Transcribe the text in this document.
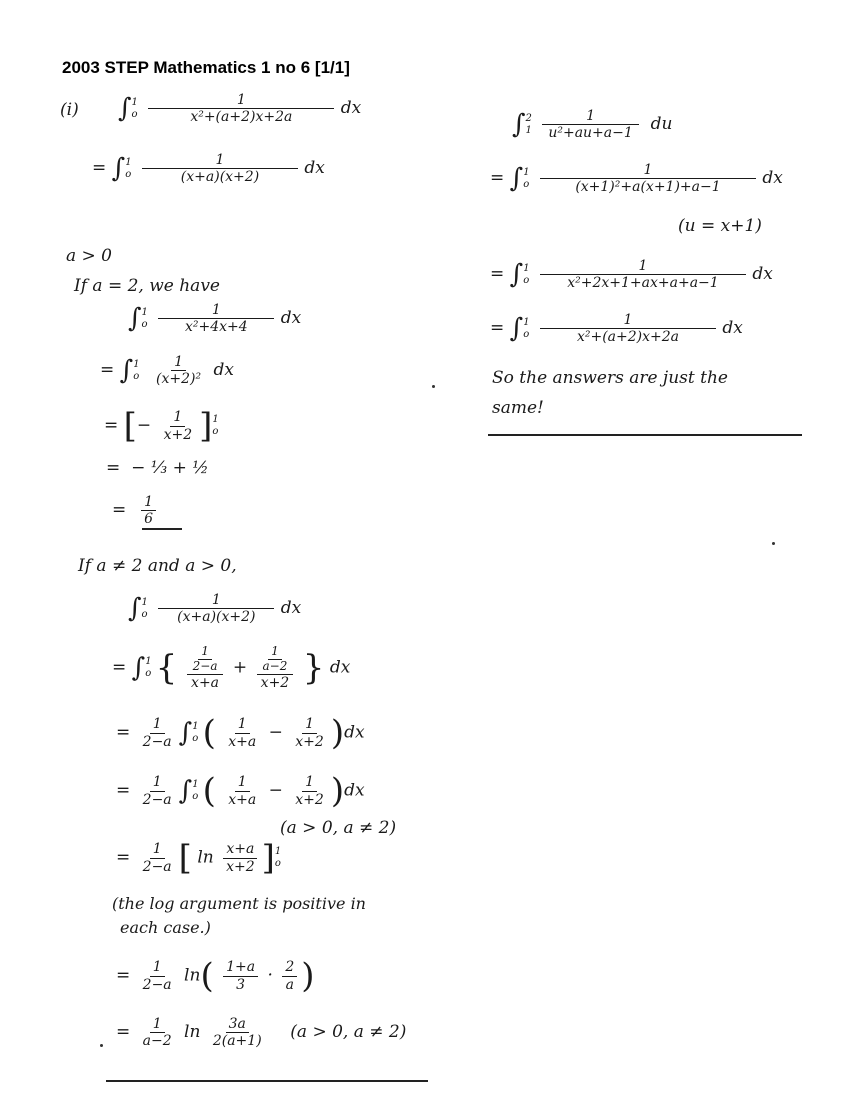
2003 STEP Mathematics 1 no 6 [1/1]
(i) ∫ 1
o
$\frac{1}{\text{x²+(a+2)x+2a}}$ dx
= ∫ 1
o
$\frac{1}{(x+a)(x+2)}$ dx
a > 0
If a = 2, we have
∫ 1
o
$\frac{1}{\text{x²+4x+4}}$ dx
= ∫ 1
o
$\frac{1}{\text{(x+2)²}}$ dx
= [− $\frac{1}{x+2}$ ] 1
o
=  − ⅓ + ½
= $\frac{1}{6}$
If a ≠ 2 and a > 0,
∫ 1
o
$\frac{1}{(x+a)(x+2)}$ dx
= ∫ 1
o { $\frac{\frac{1}{2-a}}{x+a} + \frac{\frac{1}{a-2}}{x+2}$ } dx
= $\frac{1}{2-a}$ ∫ 1
o ( $\frac{1}{x+a} - \frac{1}{x+2} )dx$
= $\frac{1}{2-a}$ ∫ 1
o ( $\frac{1}{x+a} - \frac{1}{x+2} )dx$
(a > 0, a ≠ 2)
= $\frac{1}{2-a}$ [ $\ln \frac{x+a}{x+2}$ ] 1
o
(the log argument is positive in
each case.)
= $\frac{1}{2-a} \ln( \frac{1+a}{3} \cdot \frac{2}{a}$ )
= $\frac{1}{a-2}$ $\ln \frac{3a}{2(a+1)} (a > 0$, a ≠ 2)
∫ 2
1
$\frac{1}{\text{u²+au+a−1}}$ du
= ∫ 1
o
$\frac{1}{\text{(x+1)²+a(x+1)+a−1}}$ dx
(u = x+1)
= ∫ 1
o
$\frac{1}{\text{x²+2x+1+ax+a+a−1}}$ dx
= ∫ 1
o
$\frac{1}{\text{x²+(a+2)x+2a}}$ dx
So the answers are just the
same!
